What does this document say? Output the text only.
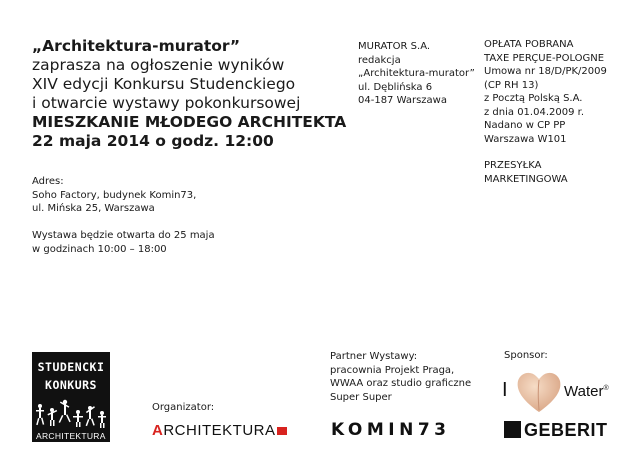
„Architektura-murator”
zaprasza na ogłoszenie wyników
XIV edycji Konkursu Studenckiego
i otwarcie wystawy pokonkursowej
MIESZKANIE MŁODEGO ARCHITEKTA
22 maja 2014 o godz. 12:00
Adres:
Soho Factory, budynek Komin73,
ul. Mińska 25, Warszawa
Wystawa będzie otwarta do 25 maja
w godzinach 10:00 – 18:00
MURATOR S.A.
redakcja
„Architektura-murator”
ul. Dęblińska 6
04-187 Warszawa
OPŁATA POBRANA
TAXE PERÇUE-POLOGNE
Umowa nr 18/D/PK/2009
(CP RH 13)
z Pocztą Polską S.A.
z dnia 01.04.2009 r.
Nadano w CP PP
Warszawa W101
PRZESYŁKA
MARKETINGOWA
STUDENCKI
KONKURS
ARCHITEKTURA
Organizator:
ARCHITEKTURA
Partner Wystawy:
pracownia Projekt Praga,
WWAA oraz studio graficzne
Super Super
KOMIN73
Sponsor:
I	Water®
GEBERIT
